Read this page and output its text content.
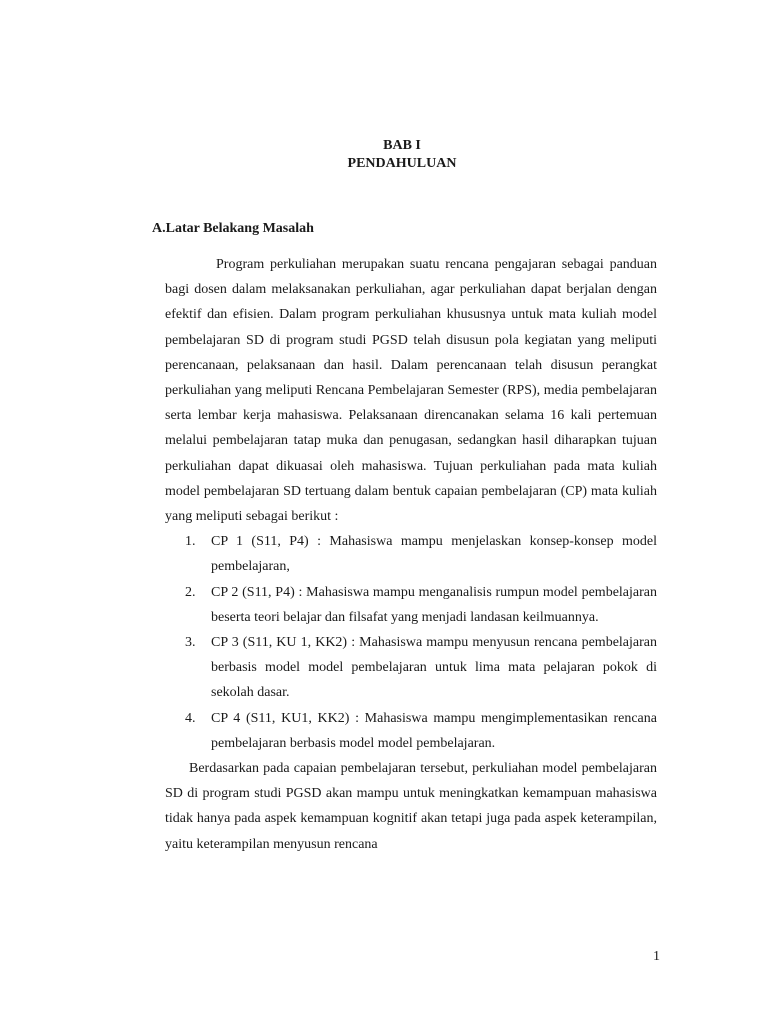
BAB I
PENDAHULUAN
A.Latar Belakang Masalah

Program perkuliahan merupakan suatu rencana pengajaran sebagai panduan bagi dosen dalam melaksanakan perkuliahan, agar perkuliahan dapat berjalan dengan efektif dan efisien. Dalam program perkuliahan khususnya untuk mata kuliah model pembelajaran SD di program studi PGSD telah disusun pola kegiatan yang meliputi perencanaan, pelaksanaan dan hasil. Dalam perencanaan telah disusun perangkat perkuliahan yang meliputi Rencana Pembelajaran Semester (RPS), media pembelajaran serta lembar kerja mahasiswa. Pelaksanaan direncanakan selama 16 kali pertemuan melalui pembelajaran tatap muka dan penugasan, sedangkan hasil diharapkan tujuan perkuliahan dapat dikuasai oleh mahasiswa. Tujuan perkuliahan pada mata kuliah model pembelajaran SD tertuang dalam bentuk capaian pembelajaran (CP) mata kuliah yang meliputi sebagai berikut :

1. CP 1 (S11, P4) : Mahasiswa mampu menjelaskan konsep-konsep model pembelajaran,
2. CP 2 (S11, P4) : Mahasiswa mampu menganalisis rumpun model pembelajaran beserta teori belajar dan filsafat yang menjadi landasan keilmuannya.
3. CP 3 (S11, KU 1, KK2) : Mahasiswa mampu menyusun rencana pembelajaran berbasis model model pembelajaran untuk lima mata pelajaran pokok di sekolah dasar.
4. CP 4 (S11, KU1, KK2) : Mahasiswa mampu mengimplementasikan rencana pembelajaran berbasis model model pembelajaran.

Berdasarkan pada capaian pembelajaran tersebut, perkuliahan model pembelajaran SD di program studi PGSD akan mampu untuk meningkatkan kemampuan mahasiswa tidak hanya pada aspek kemampuan kognitif akan tetapi juga pada aspek keterampilan, yaitu keterampilan menyusun rencana

1
